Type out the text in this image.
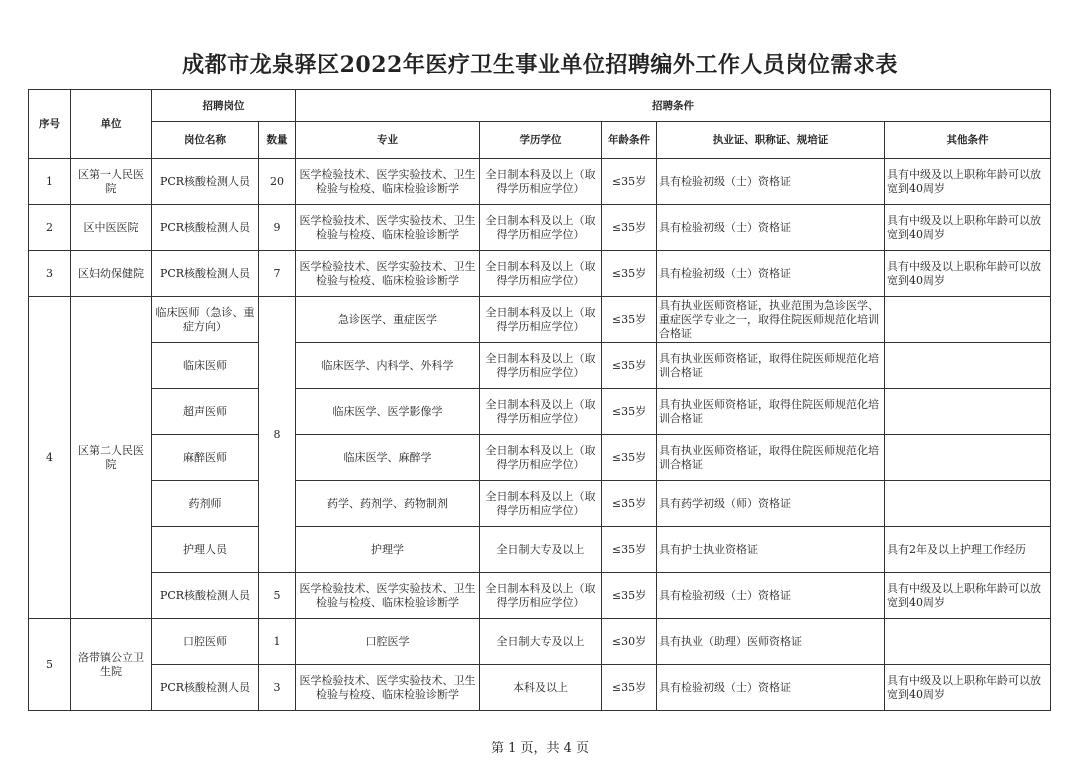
成都市龙泉驿区2022年医疗卫生事业单位招聘编外工作人员岗位需求表
序号	单位	招聘岗位		招聘条件				
		岗位名称	数量	专业	学历学位	年龄条件	执业证、职称证、规培证	其他条件
1	区第一人民医院	PCR核酸检测人员	20	医学检验技术、医学实验技术、卫生检验与检疫、临床检验诊断学	全日制本科及以上（取得学历相应学位）	≤35岁	具有检验初级（士）资格证	具有中级及以上职称年龄可以放宽到40周岁
2	区中医医院	PCR核酸检测人员	9	医学检验技术、医学实验技术、卫生检验与检疫、临床检验诊断学	全日制本科及以上（取得学历相应学位）	≤35岁	具有检验初级（士）资格证	具有中级及以上职称年龄可以放宽到40周岁
3	区妇幼保健院	PCR核酸检测人员	7	医学检验技术、医学实验技术、卫生检验与检疫、临床检验诊断学	全日制本科及以上（取得学历相应学位）	≤35岁	具有检验初级（士）资格证	具有中级及以上职称年龄可以放宽到40周岁
4	区第二人民医院	临床医师（急诊、重症方向）	8	急诊医学、重症医学	全日制本科及以上（取得学历相应学位）	≤35岁	具有执业医师资格证，执业范围为急诊医学、重症医学专业之一，取得住院医师规范化培训合格证	
		临床医师		临床医学、内科学、外科学	全日制本科及以上（取得学历相应学位）	≤35岁	具有执业医师资格证，取得住院医师规范化培训合格证	
		超声医师		临床医学、医学影像学	全日制本科及以上（取得学历相应学位）	≤35岁	具有执业医师资格证，取得住院医师规范化培训合格证	
		麻醉医师		临床医学、麻醉学	全日制本科及以上（取得学历相应学位）	≤35岁	具有执业医师资格证，取得住院医师规范化培训合格证	
		药剂师		药学、药剂学、药物制剂	全日制本科及以上（取得学历相应学位）	≤35岁	具有药学初级（师）资格证	
		护理人员		护理学	全日制大专及以上	≤35岁	具有护士执业资格证	具有2年及以上护理工作经历
		PCR核酸检测人员	5	医学检验技术、医学实验技术、卫生检验与检疫、临床检验诊断学	全日制本科及以上（取得学历相应学位）	≤35岁	具有检验初级（士）资格证	具有中级及以上职称年龄可以放宽到40周岁
5	洛带镇公立卫生院	口腔医师	1	口腔医学	全日制大专及以上	≤30岁	具有执业（助理）医师资格证	
		PCR核酸检测人员	3	医学检验技术、医学实验技术、卫生检验与检疫、临床检验诊断学	本科及以上	≤35岁	具有检验初级（士）资格证	具有中级及以上职称年龄可以放宽到40周岁
第 1 页，共 4 页
